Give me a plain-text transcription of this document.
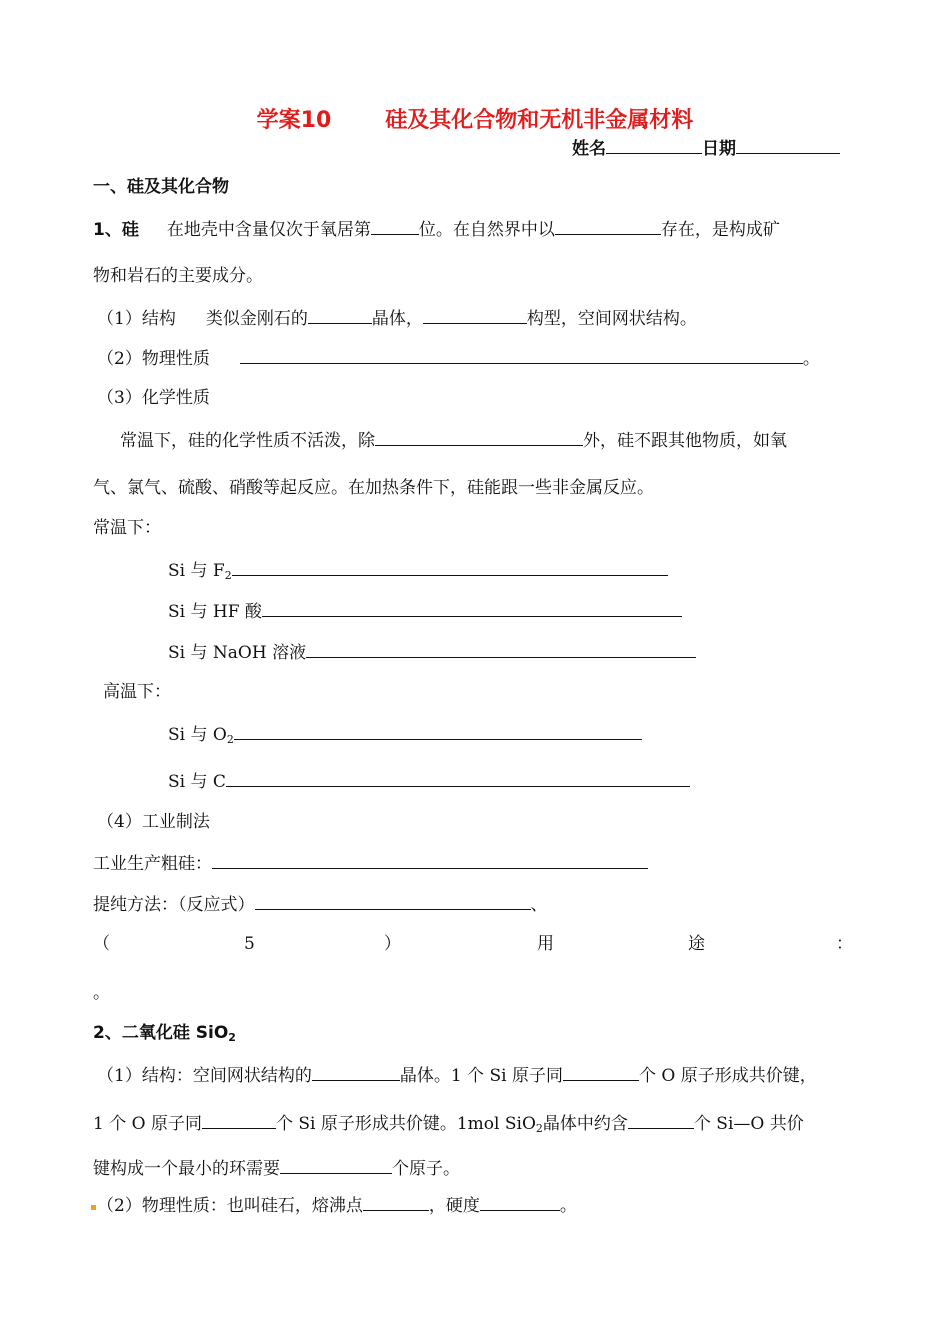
学案10 硅及其化合物和无机非金属材料
姓名	日期
一、硅及其化合物
1、硅 在地壳中含量仅次于氧居第	位。在自然界中以	存在，是构成矿
物和岩石的主要成分。
（1）结构 类似金刚石的	晶体，	构型，空间网状结构。
（2）物理性质	。
（3）化学性质
常温下，硅的化学性质不活泼，除	外，硅不跟其他物质，如氧
气、氯气、硫酸、硝酸等起反应。在加热条件下，硅能跟一些非金属反应。
常温下：
Si 与 $F_2$
Si 与 HF 酸
Si 与 NaOH 溶液
高温下：
Si 与 $O_2$
Si 与 C
（4）工业制法
工业生产粗硅：
提纯方法：（反应式）	、
（	5	）	用	途	：
。
2、二氧化硅 SiO$_2$
（1）结构：空间网状结构的	晶体。1 个 Si 原子同	个 O 原子形成共价键，
1 个 O 原子同	个 Si 原子形成共价键。1mol SiO$_2$晶体中约含	个 Si—O 共价
键构成一个最小的环需要	个原子。
（2）物理性质：也叫硅石，熔沸点	，硬度	。
